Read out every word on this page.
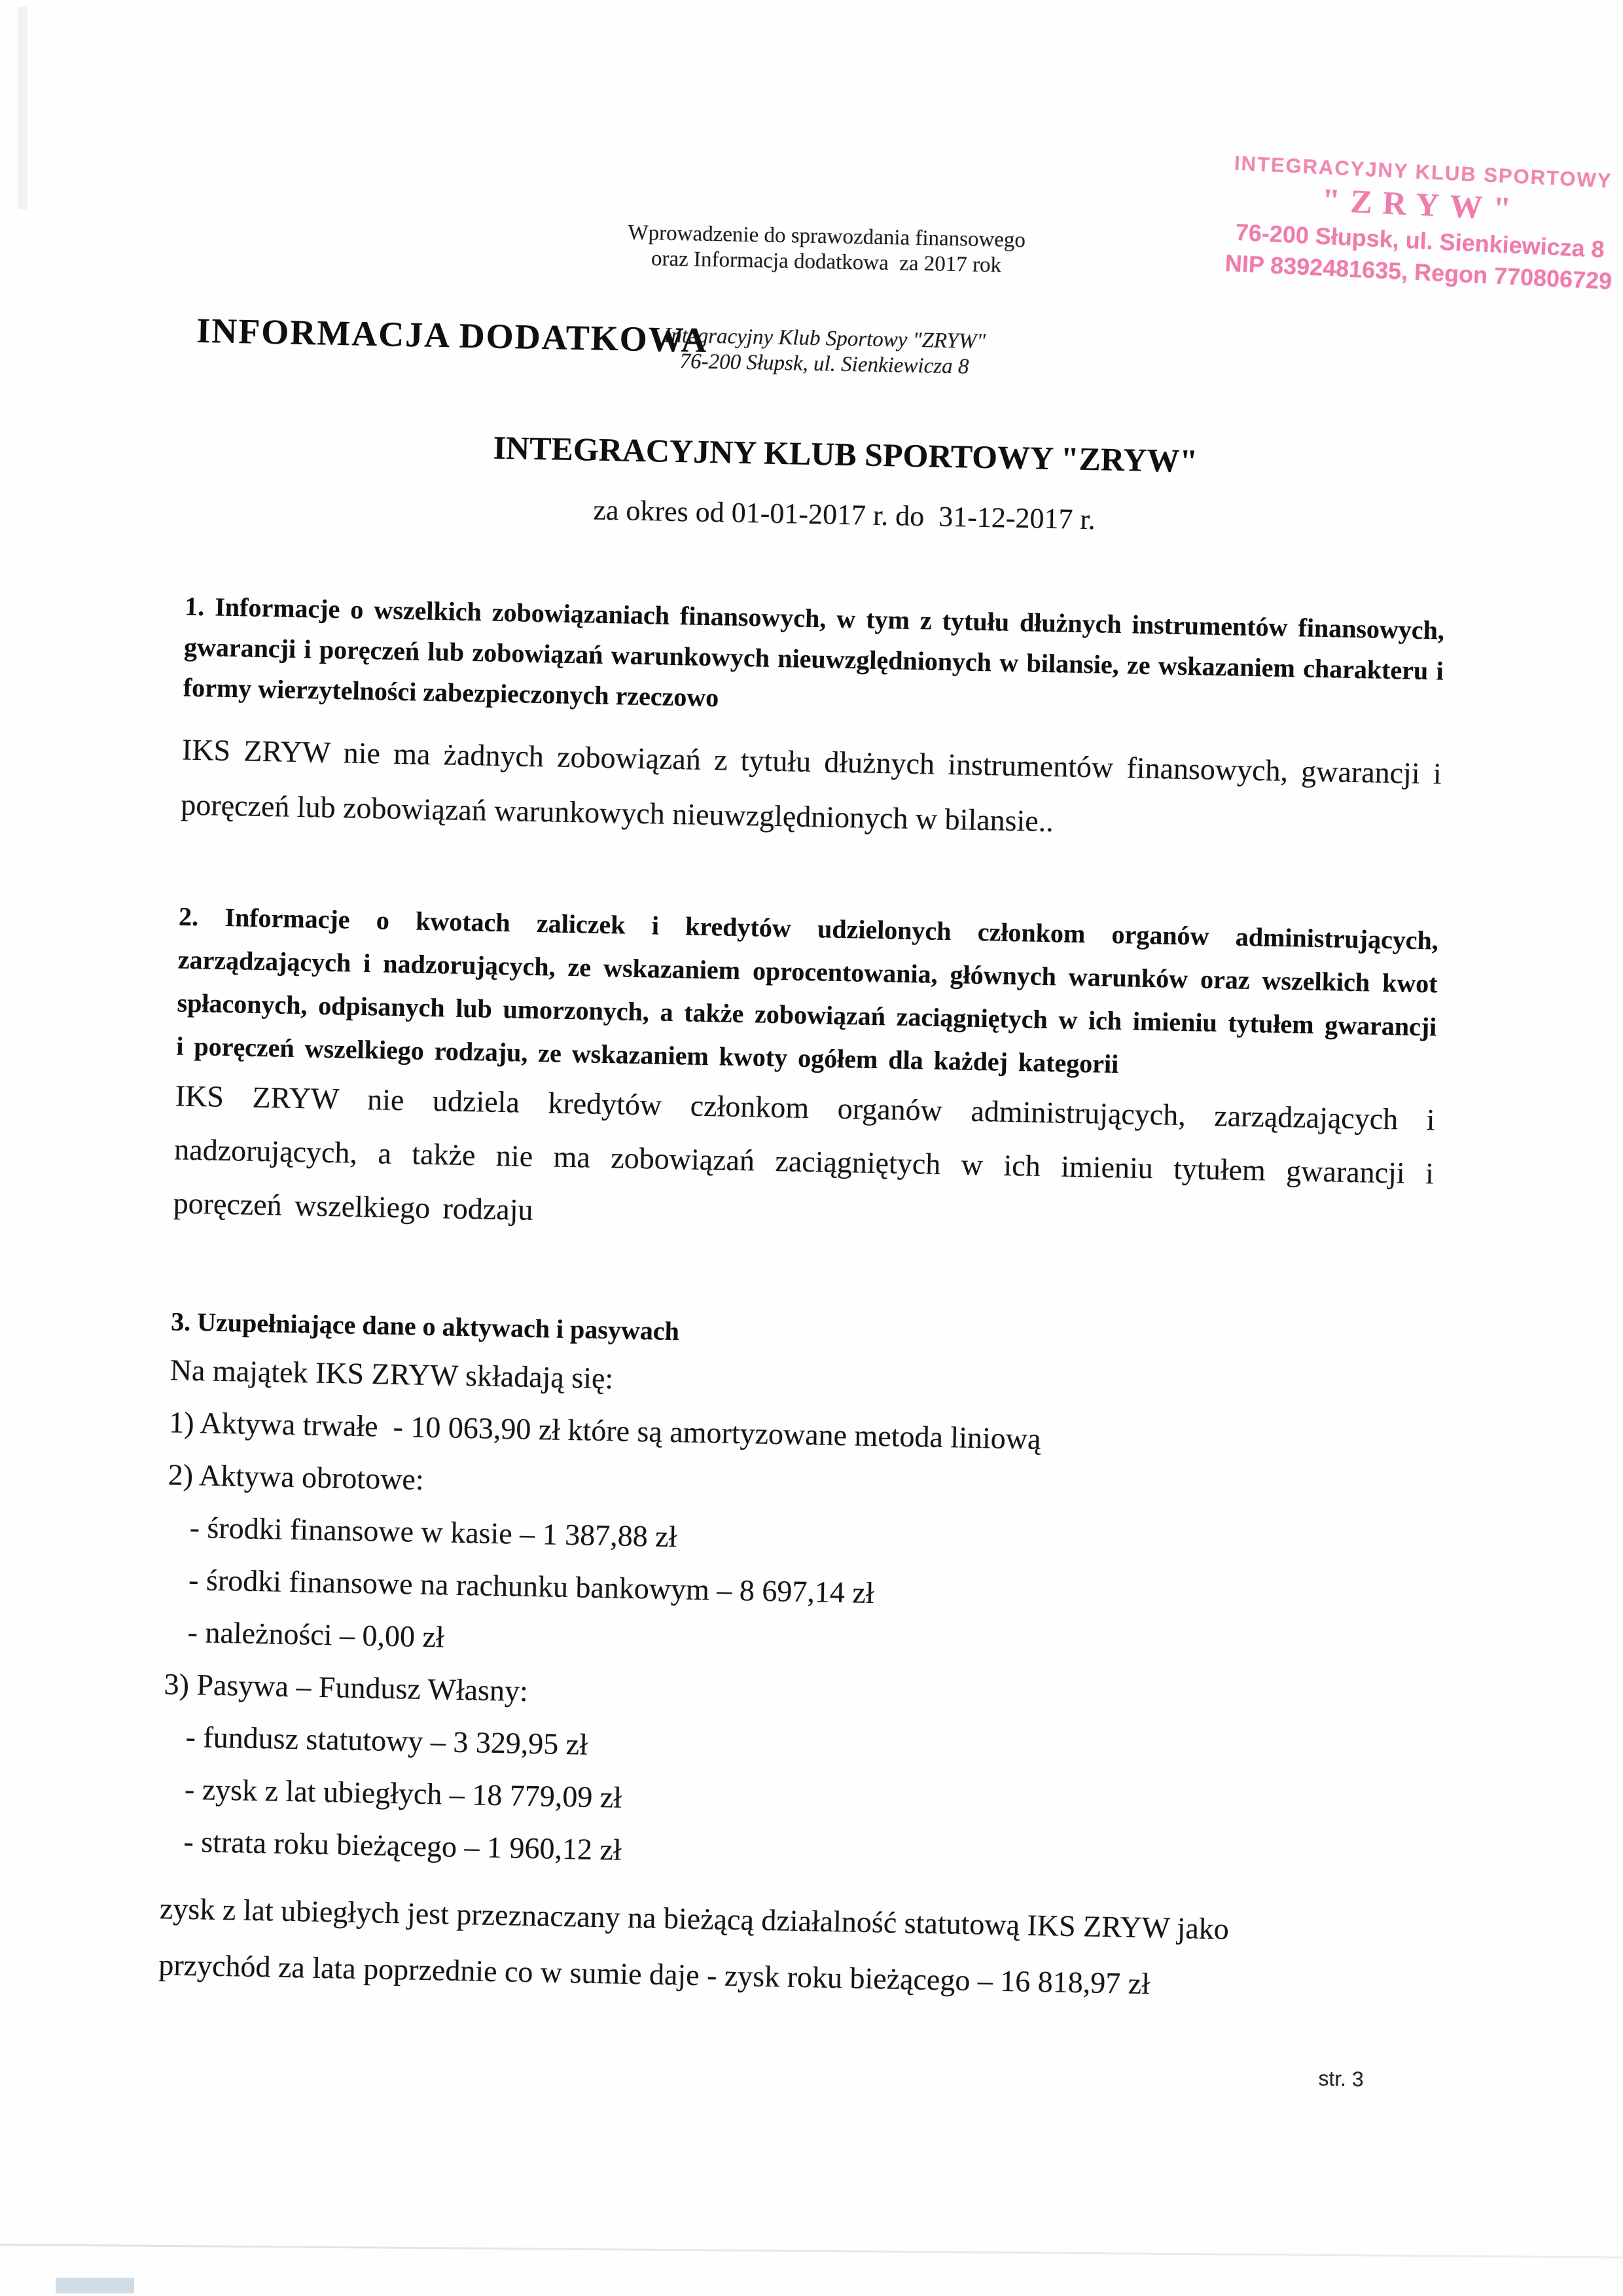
Wprowadzenie do sprawozdania finansowego
oraz Informacja dodatkowa  za 2017 rok

Integracyjny Klub Sportowy "ZRYW"
76-200 Słupsk, ul. Sienkiewicza 8

INTEGRACYJNY KLUB SPORTOWY
"ZRYW"
76-200 Słupsk, ul. Sienkiewicza 8
NIP 8392481635, Regon 770806729
INFORMACJA DODATKOWA
INTEGRACYJNY KLUB SPORTOWY "ZRYW"
za okres od 01-01-2017 r. do  31-12-2017 r.
1. Informacje o wszelkich zobowiązaniach finansowych, w tym z tytułu dłużnych instrumentów finansowych, gwarancji i poręczeń lub zobowiązań warunkowych nieuwzględnionych w bilansie, ze wskazaniem charakteru i formy wierzytelności zabezpieczonych rzeczowo
IKS ZRYW nie ma żadnych zobowiązań z tytułu dłużnych instrumentów finansowych, gwarancji i poręczeń lub zobowiązań warunkowych nieuwzględnionych w bilansie..
2. Informacje o kwotach zaliczek i kredytów udzielonych członkom organów administrujących, zarządzających i nadzorujących, ze wskazaniem oprocentowania, głównych warunków oraz wszelkich kwot spłaconych, odpisanych lub umorzonych, a także zobowiązań zaciągniętych w ich imieniu tytułem gwarancji i poręczeń wszelkiego rodzaju, ze wskazaniem kwoty ogółem dla każdej kategorii
IKS ZRYW nie udziela kredytów członkom organów administrujących, zarządzających i nadzorujących, a także nie ma zobowiązań zaciągniętych w ich imieniu tytułem gwarancji i poręczeń wszelkiego rodzaju
3. Uzupełniające dane o aktywach i pasywach
Na majątek IKS ZRYW składają się:
1) Aktywa trwałe  - 10 063,90 zł które są amortyzowane metoda liniową
2) Aktywa obrotowe:
- środki finansowe w kasie – 1 387,88 zł
- środki finansowe na rachunku bankowym – 8 697,14 zł
- należności – 0,00 zł
3) Pasywa – Fundusz Własny:
- fundusz statutowy – 3 329,95 zł
- zysk z lat ubiegłych – 18 779,09 zł
- strata roku bieżącego – 1 960,12 zł
zysk z lat ubiegłych jest przeznaczany na bieżącą działalność statutową IKS ZRYW jako
przychód za lata poprzednie co w sumie daje - zysk roku bieżącego – 16 818,97 zł
str. 3
